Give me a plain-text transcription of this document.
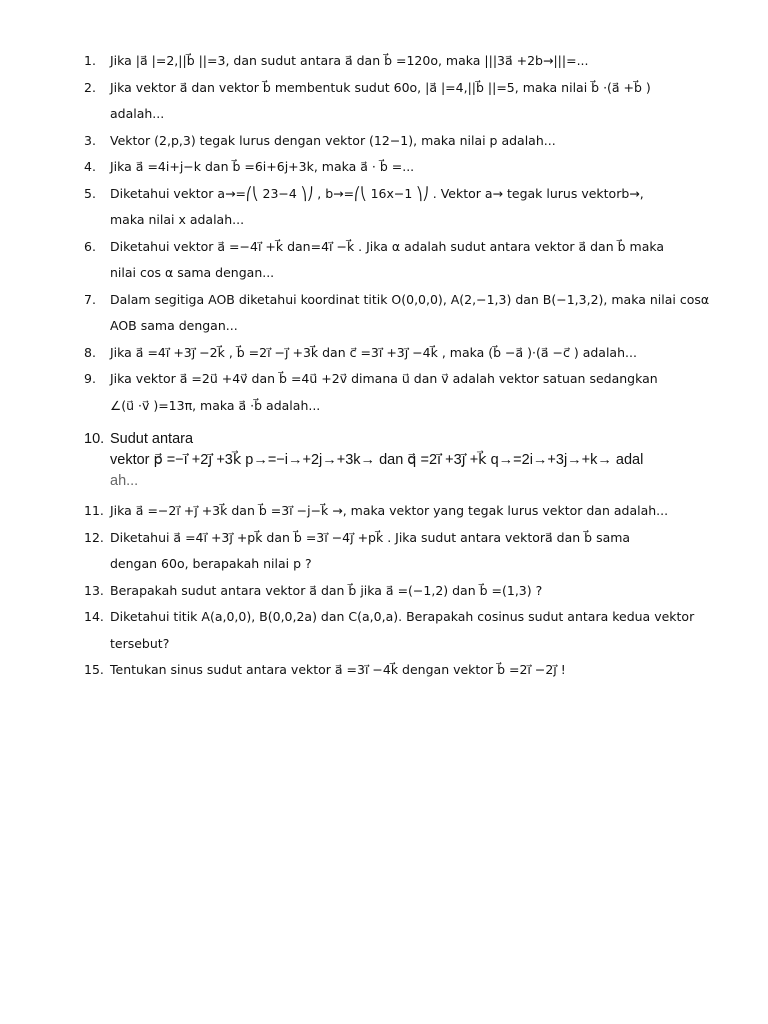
1.	Jika |a⃗ |=2,||b⃗ ||=3, dan sudut antara a⃗ dan b⃗ =120o, maka |||3a⃗ +2b→|||=...
2.	Jika vektor a⃗ dan vektor b⃗ membentuk sudut 60o, |a⃗ |=4,||b⃗ ||=5, maka nilai b⃗ ·(a⃗ +b⃗ )
adalah...
3.	Vektor (2,p,3) tegak lurus dengan vektor (12−1), maka nilai p adalah...
4.	Jika a⃗ =4i+j−k dan b⃗ =6i+6j+3k, maka a⃗ · b⃗ =...
5.	Diketahui vektor a→=⎛⎝ 23−4 ⎞⎠ , b→=⎛⎝ 16x−1 ⎞⎠ . Vektor a→ tegak lurus vektorb→,
maka nilai x adalah...
6.	Diketahui vektor a⃗ =−4i⃗ +k⃗ dan=4i⃗ −k⃗ . Jika α adalah sudut antara vektor a⃗ dan b⃗ maka
nilai cos α sama dengan...
7.	Dalam segitiga AOB diketahui koordinat titik O(0,0,0), A(2,−1,3) dan B(−1,3,2), maka nilai cosα
AOB sama dengan...
8.	Jika a⃗ =4i⃗ +3j⃗ −2k⃗ , b⃗ =2i⃗ −j⃗ +3k⃗ dan c⃗ =3i⃗ +3j⃗ −4k⃗ , maka (b⃗ −a⃗ )·(a⃗ −c⃗ ) adalah...
9.	Jika vektor a⃗ =2u⃗ +4v⃗ dan b⃗ =4u⃗ +2v⃗ dimana u⃗ dan v⃗ adalah vektor satuan sedangkan
∠(u⃗ ·v⃗ )=13π, maka a⃗ ·b⃗ adalah...
10. Sudut antara
vektor p⃗ =−i⃗ +2j⃗ +3k⃗ p→=−i→+2j→+3k→ dan q⃗ =2i⃗ +3j⃗ +k⃗ q→=2i→+3j→+k→ adal
ah...
11. Jika a⃗ =−2i⃗ +j⃗ +3k⃗ dan b⃗ =3i⃗ −j−k⃗ →, maka vektor yang tegak lurus vektor dan adalah...
12. Diketahui a⃗ =4i⃗ +3j⃗ +pk⃗ dan b⃗ =3i⃗ −4j⃗ +pk⃗ . Jika sudut antara vektora⃗ dan b⃗ sama
dengan 60o, berapakah nilai p ?
13. Berapakah sudut antara vektor a⃗ dan b⃗ jika a⃗ =(−1,2) dan b⃗ =(1,3) ?
14. Diketahui titik A(a,0,0), B(0,0,2a) dan C(a,0,a). Berapakah cosinus sudut antara kedua vektor
tersebut?
15. Tentukan sinus sudut antara vektor a⃗ =3i⃗ −4k⃗ dengan vektor b⃗ =2i⃗ −2j⃗ !
